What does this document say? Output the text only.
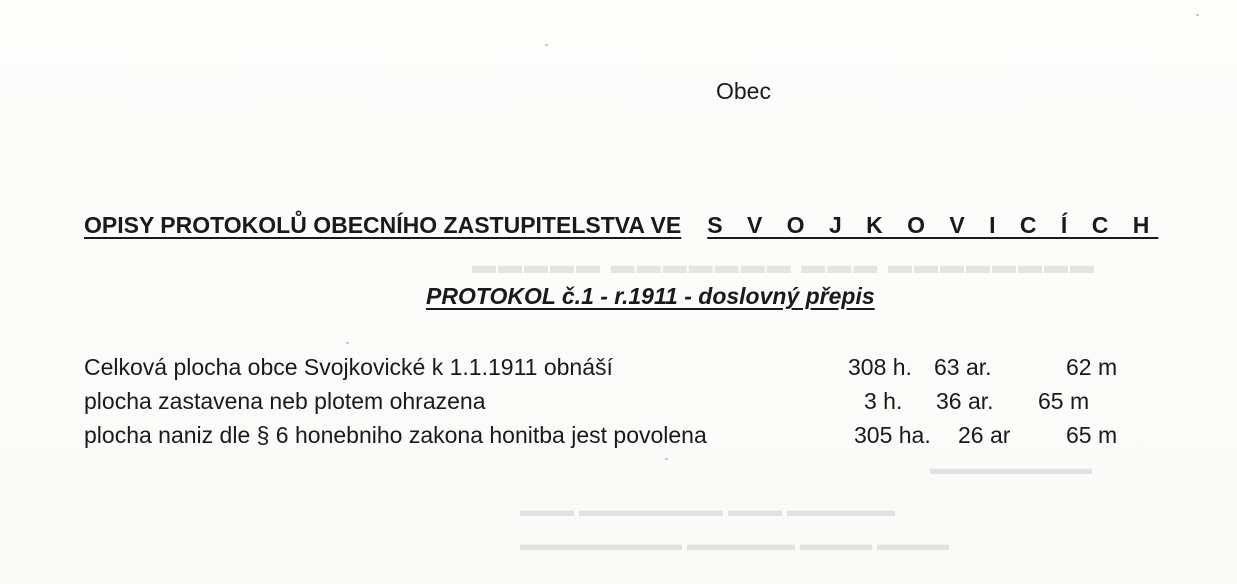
▬▬▬▬▬▬▬▬ ▬▬▬ ▬▬▬▬▬▬▬ ▬▬▬▬▬
▬▬▬▬▬▬▬▬▬
▬▬▬▬▬▬ ▬▬▬ ▬▬▬▬▬▬▬▬ ▬▬▬
▬▬▬▬ ▬▬▬▬ ▬▬▬▬▬▬ ▬▬▬▬▬▬▬▬▬
Obec
OPISY PROTOKOLŮ OBECNÍHO ZASTUPITELSTVA VE S V O J K O V I C Í C H
PROTOKOL č.1 - r.1911 - doslovný přepis
Celková plocha obce Svojkovické k 1.1.1911 obnáší	308 h. 63 ar.	62 m
plocha zastavena neb plotem ohrazena	3 h. 36 ar. 65 m
plocha naniz dle § 6 honebniho zakona honitba jest povolena	305 ha. 26 ar 65 m
